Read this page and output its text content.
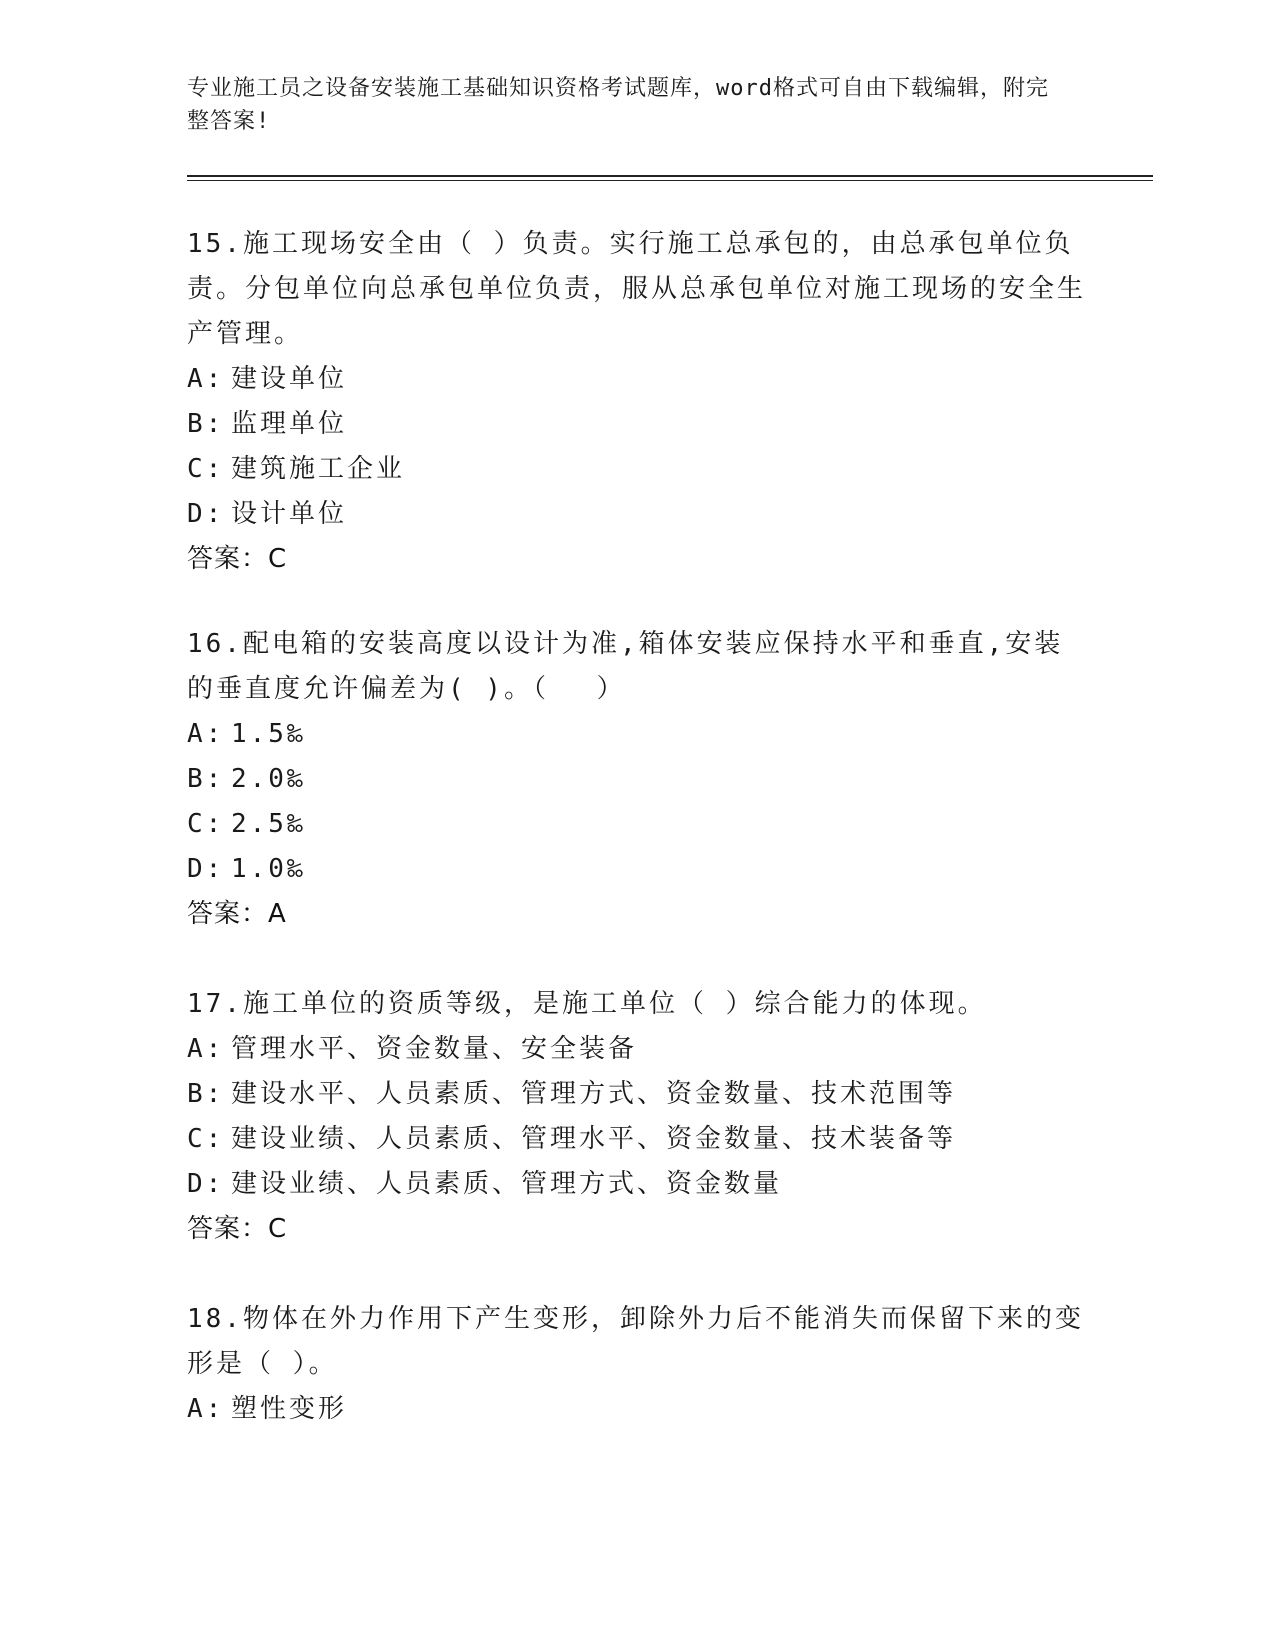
专业施工员之设备安装施工基础知识资格考试题库，word格式可自由下载编辑，附完整答案!

15.施工现场安全由（ ）负责。实行施工总承包的，由总承包单位负责。分包单位向总承包单位负责，服从总承包单位对施工现场的安全生产管理。

A: 建设单位

B: 监理单位

C: 建筑施工企业

D: 设计单位

答案：C

16.配电箱的安装高度以设计为准,箱体安装应保持水平和垂直,安装的垂直度允许偏差为( )。（　 ）

A: 1.5‰

B: 2.0‰

C: 2.5‰

D: 1.0‰

答案：A

17.施工单位的资质等级，是施工单位（ ）综合能力的体现。

A: 管理水平、资金数量、安全装备

B: 建设水平、人员素质、管理方式、资金数量、技术范围等

C: 建设业绩、人员素质、管理水平、资金数量、技术装备等

D: 建设业绩、人员素质、管理方式、资金数量

答案：C

18.物体在外力作用下产生变形，卸除外力后不能消失而保留下来的变形是（ ）。

A: 塑性变形
